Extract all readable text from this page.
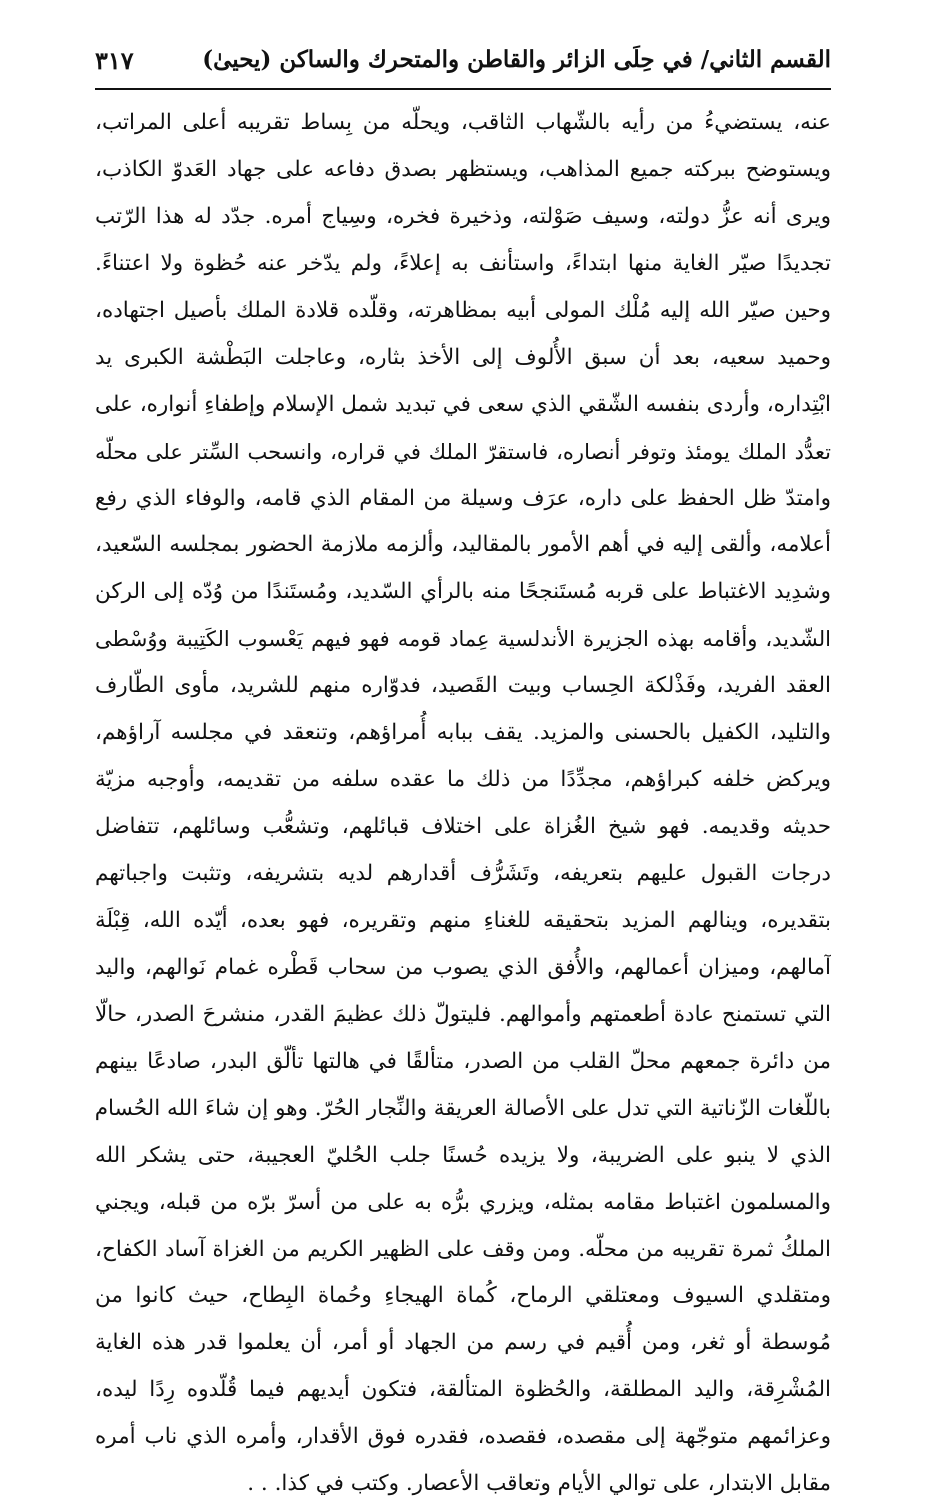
القسم الثاني/ في حِلَى الزائر والقاطن والمتحرك والساكن (يحيىٰ)
٣١٧
عنه، يستضيءُ من رأيه بالشّهاب الثاقب، ويحلّه من بِساط تقريبه أعلى المراتب،
ويستوضح ببركته جميع المذاهب، ويستظهر بصدق دفاعه على جهاد العَدوّ الكاذب،
ويرى أنه عزُّ دولته، وسيف صَوْلته، وذخيرة فخره، وسِياج أمره. جدّد له هذا الرّتب
تجديدًا صيّر الغاية منها ابتداءً، واستأنف به إعلاءً، ولم يدّخر عنه حُظوة ولا اعتناءً.
وحين صيّر الله إليه مُلْك المولى أبيه بمظاهرته، وقلّده قلادة الملك بأصيل اجتهاده،
وحميد سعيه، بعد أن سبق الأُلوف إلى الأخذ بثاره، وعاجلت البَطْشة الكبرى يد
ابْتِداره، وأردى بنفسه الشّقي الذي سعى في تبديد شمل الإسلام وإطفاءِ أنواره، على
تعدُّد الملك يومئذ وتوفر أنصاره، فاستقرّ الملك في قراره، وانسحب السِّتر على محلّه
وامتدّ ظل الحفظ على داره، عرَف وسيلة من المقام الذي قامه، والوفاء الذي رفع
أعلامه، وألقى إليه في أهم الأمور بالمقاليد، وألزمه ملازمة الحضور بمجلسه السّعيد،
وشدِيد الاغتباط على قربه مُستَنجحًا منه بالرأي السّديد، ومُستَندًا من وُدّه إلى الركن
الشّديد، وأقامه بهذه الجزيرة الأندلسية عِماد قومه فهو فيهم يَعْسوب الكَتِيبة ووُسْطى
العقد الفريد، وفَذْلكة الحِساب وبيت القَصيد، فدوّاره منهم للشريد، مأوى الطّارف
والتليد، الكفيل بالحسنى والمزيد. يقف ببابه أُمراؤهم، وتنعقد في مجلسه آراؤهم،
ويركض خلفه كبراؤهم، مجدِّدًا من ذلك ما عقده سلفه من تقديمه، وأوجبه مزيّة
حديثه وقديمه. فهو شيخ الغُزاة على اختلاف قبائلهم، وتشعُّب وسائلهم، تتفاضل
درجات القبول عليهم بتعريفه، وتَشَرُّف أقدارهم لديه بتشريفه، وتثبت واجباتهم
بتقديره، وينالهم المزيد بتحقيقه للغناءِ منهم وتقريره، فهو بعده، أيّده الله، قِبْلَة
آمالهم، وميزان أعمالهم، والأُفق الذي يصوب من سحاب قَطْره غمام نَوالهم، واليد
التي تستمنح عادة أطعمتهم وأموالهم. فليتولّ ذلك عظيمَ القدر، منشرحَ الصدر، حالّا
من دائرة جمعهم محلّ القلب من الصدر، متألقًا في هالتها تألّق البدر، صادعًا بينهم
باللّغات الزّناتية التي تدل على الأصالة العريقة والنِّجار الحُرّ. وهو إن شاءَ الله الحُسام
الذي لا ينبو على الضريبة، ولا يزيده حُسنًا جلب الحُليّ العجيبة، حتى يشكر الله
والمسلمون اغتباط مقامه بمثله، ويزري برُّه به على من أسرّ برّه من قبله، ويجني
الملكُ ثمرة تقريبه من محلّه. ومن وقف على الظهير الكريم من الغزاة آساد الكفاح،
ومتقلدي السيوف ومعتلقي الرماح، كُماة الهيجاءِ وحُماة البِطاح، حيث كانوا من
مُوسطة أو ثغر، ومن أُقيم في رسم من الجهاد أو أمر، أن يعلموا قدر هذه الغاية
المُشْرِقة، واليد المطلقة، والحُظوة المتألقة، فتكون أيديهم فيما قُلّدوه رِدًا ليده،
وعزائمهم متوجّهة إلى مقصده، فقصده، فقدره فوق الأقدار، وأمره الذي ناب أمره
مقابل الابتدار، على توالي الأيام وتعاقب الأعصار. وكتب في كذا. . .
